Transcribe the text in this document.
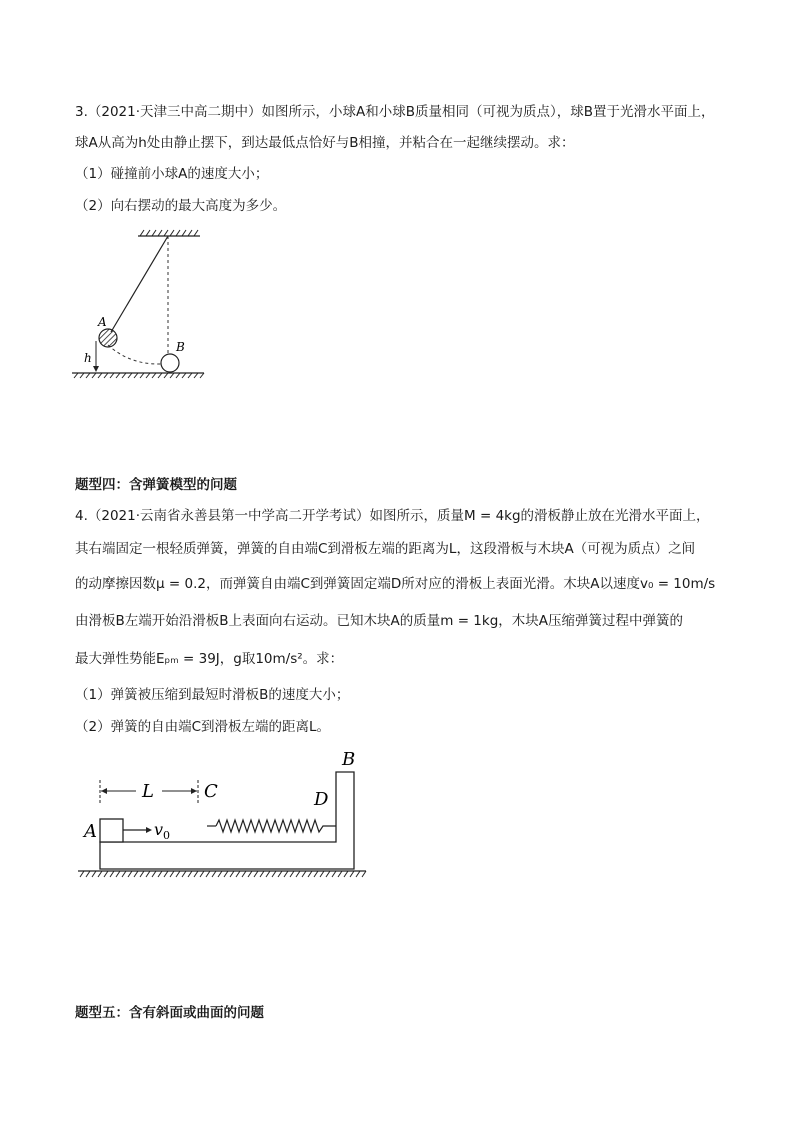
3.（2021·天津三中高二期中）如图所示，小球A和小球B质量相同（可视为质点），球B置于光滑水平面上，
球A从高为h处由静止摆下，到达最低点恰好与B相撞，并粘合在一起继续摆动。求：
（1）碰撞前小球A的速度大小；
（2）向右摆动的最大高度为多少。
A
B
h
题型四：含弹簧模型的问题
4.（2021·云南省永善县第一中学高二开学考试）如图所示，质量M = 4kg的滑板静止放在光滑水平面上，
其右端固定一根轻质弹簧，弹簧的自由端C到滑板左端的距离为L，这段滑板与木块A（可视为质点）之间
的动摩擦因数μ = 0.2，而弹簧自由端C到弹簧固定端D所对应的滑板上表面光滑。木块A以速度v₀ = 10m/s
由滑板B左端开始沿滑板B上表面向右运动。已知木块A的质量m = 1kg，木块A压缩弹簧过程中弹簧的
最大弹性势能Eₚₘ = 39J，g取10m/s²。求：
（1）弹簧被压缩到最短时滑板B的速度大小；
（2）弹簧的自由端C到滑板左端的距离L。
L	C	D
B
A	$v_0$
题型五：含有斜面或曲面的问题
